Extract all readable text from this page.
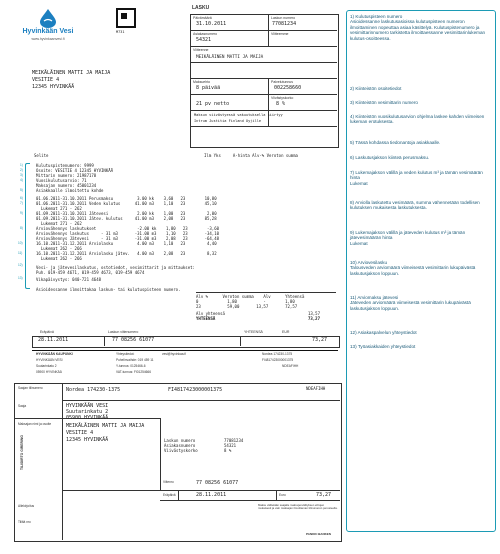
Hyvinkään Vesi
www.hyvinkaanvesi.fi
M731
LASKU
Päivämäärä
31.10.2011
Laskun numero
77081234
Asiakasnumero
54321
Viitteemme
Viitteenne
MEIKÄLÄINEN MATTI JA MAIJA
Maksuehto
8 päivää
Palvelutunnus
002258660
Viivästyskorko
21 pv netto	8 %
Maksun viivästyessä vakuutuksella siirtyy
Intrum Justitia Finland Oyjille
MEIKÄLÄINEN MATTI JA MAIJA
VESITIE 4
12345 HYVINKÄÄ
Selite	Ilm Yks     A-hinta Alv-% Veroton summa
Kulutuspistenumero: 9999
Osoite: VESITIE 4 12345 HYVINKÄÄ
Mittarin numero: 21987178
Vuosikulutusarvio: 71
Maksajan numero: 45001234
Asiakkaalle ilmoitettu kohde
01.06.2011-31.10.2011 Perusmaksu          3.00 kk    3,60   23        10,80
01.06.2011-31.10.2011 Veden kulutus      41.00 m3    1,10   23        45,10
Lukemat 271 - 262
01.09.2011-31.10.2011 Jätevesi            2.00 kk    1,00   23         2,00
01.09.2011-31.10.2011 Jätev. kulutus     41.00 m3    2,08   23        85,28
Lukemat 271 - 262
Arviovähennys laskutukset                 -2.00 kk    1,80   23        -3,60
Arviovähennys laskutus     - 31 m3       -31.00 m3    1,10   23       -34,10
Arviovähennys Jätevesi     - 31 m3       -31.00 m3    2,08   23       -64,48
16.10.2011-31.12.2011 Arviolasku          4.00 m3    1,10   23         4,40
Lukemat 262 - 266
16.10.2011-31.12.2011 Arviolasku jätev.   4.00 m3    2,08   23         8,32
Lukemat 262 - 266
Vesi- ja jätevesilaskutus, ostotiedot, vesimittarit ja mittaukset:
Puh. 019-459 4671, 019-459 4673, 019-459 4674
Vikapäivystys: 040-721 4648
Asioidessanne ilmoittakaa laskun- tai kulutuspisteen numero.
1)
2)
3)
4)
5)
6)
7)
8)
9)
10)
11)
12)
13)
Alv %      Veroton summa    Alv      Yhteensä
0            1,80           -        1,80
23           59,00       13,57       72,57
Alv yhteensä	13,57
YHTEENSÄ	73,27
Eräpäivä	Laskun viitenumero	YHTEENSÄ	EUR
28.11.2011	77 08256 61077	73,27
HYVINKÄÄN KAUPUNKI
HYVINKÄÄN VESI
Suutarinkatu 2
05900 HYVINKÄÄ
Yhteystiedot:	vesi@hyvinkaa.fi
Puhelinvaihde: 019 459 11
Y-tunnus: 0125466-6
VAT-tunnus: FI01254666
Nordea 174230-1375
FI4817423000001375
NDEAFIHH
Saajan tilinumero
Saaja
Maksajan nimi ja osoite
Allekirjoitus
Tililtä nro
TILISIIRTO GIRERING
Nordea 174230-1375	FI4817423000001375	NDEAFIHH
HYVINKÄÄN VESI
Suutarinkatu 2
05900 HYVINKÄÄ
MEIKÄLÄINEN MATTI JA MAIJA
VESITIE 4
12345 HYVINKÄÄ	Laskun numero	77081234
Asiakasnumero	54321
Viivästyskorko	8 %
Viitenro	77 08256 61077
Eräpäivä	28.11.2011	Euro	73,27
Maksu välitetään saajalle maksujenvälityksen ehtojen mukaisesti ja vain maksajan ilmoittaman tilinumeron perusteella.
PANKKI BANKEN
1) Kulutuspisteen numero
Asioidessanne laskutusasioissa kulutuspisteen numeron ilmoittaminen nopeuttaa asiaa käsittelyä. Kulutuspistenumero ja vesimittarinnumero tarkistetta ilmoittaessanne vesimittarinlukeman kulutus-osoitteessa.
2) Kiinteistön osoitetiedot
3) Kiinteistön vesimittarin numero
4) Kiinteistön vuosikulutusarvion ohjelma laskee kahden viimeisen lukeman erotuksesta.
5) Tässä kohdassa tiedonantoja asiakkaalle.
6) Laskutusjakson kiinteä perusmaksu.
7) Lukemajakson välillä ja veden kulutus m³ ja tämän vesimäärän hinta
Lukemat
8) Arviolla laskutettu vesimäärä, summa vähennetään todellisen kulutuksen mukaisesta laskutuksesta.
9) Lukemajakson välillä ja jäteveden kulutus m³ ja tämän jätevesimäärän hinta
Lukemat
10) Arviovesilasku
Talousveden arviomäärä viimeisestä vesimittarin lukupäivästä laskutusjakson loppuun.
11) Arviomaksu jätevesi
Jäteveden arviomäärä viimeisestä vesimittarin lukupäivästä laskutusjakson loppuun.
12) Asiakaspalvelun yhteystiedot
13) Työasiakkaiden yhteystiedot
